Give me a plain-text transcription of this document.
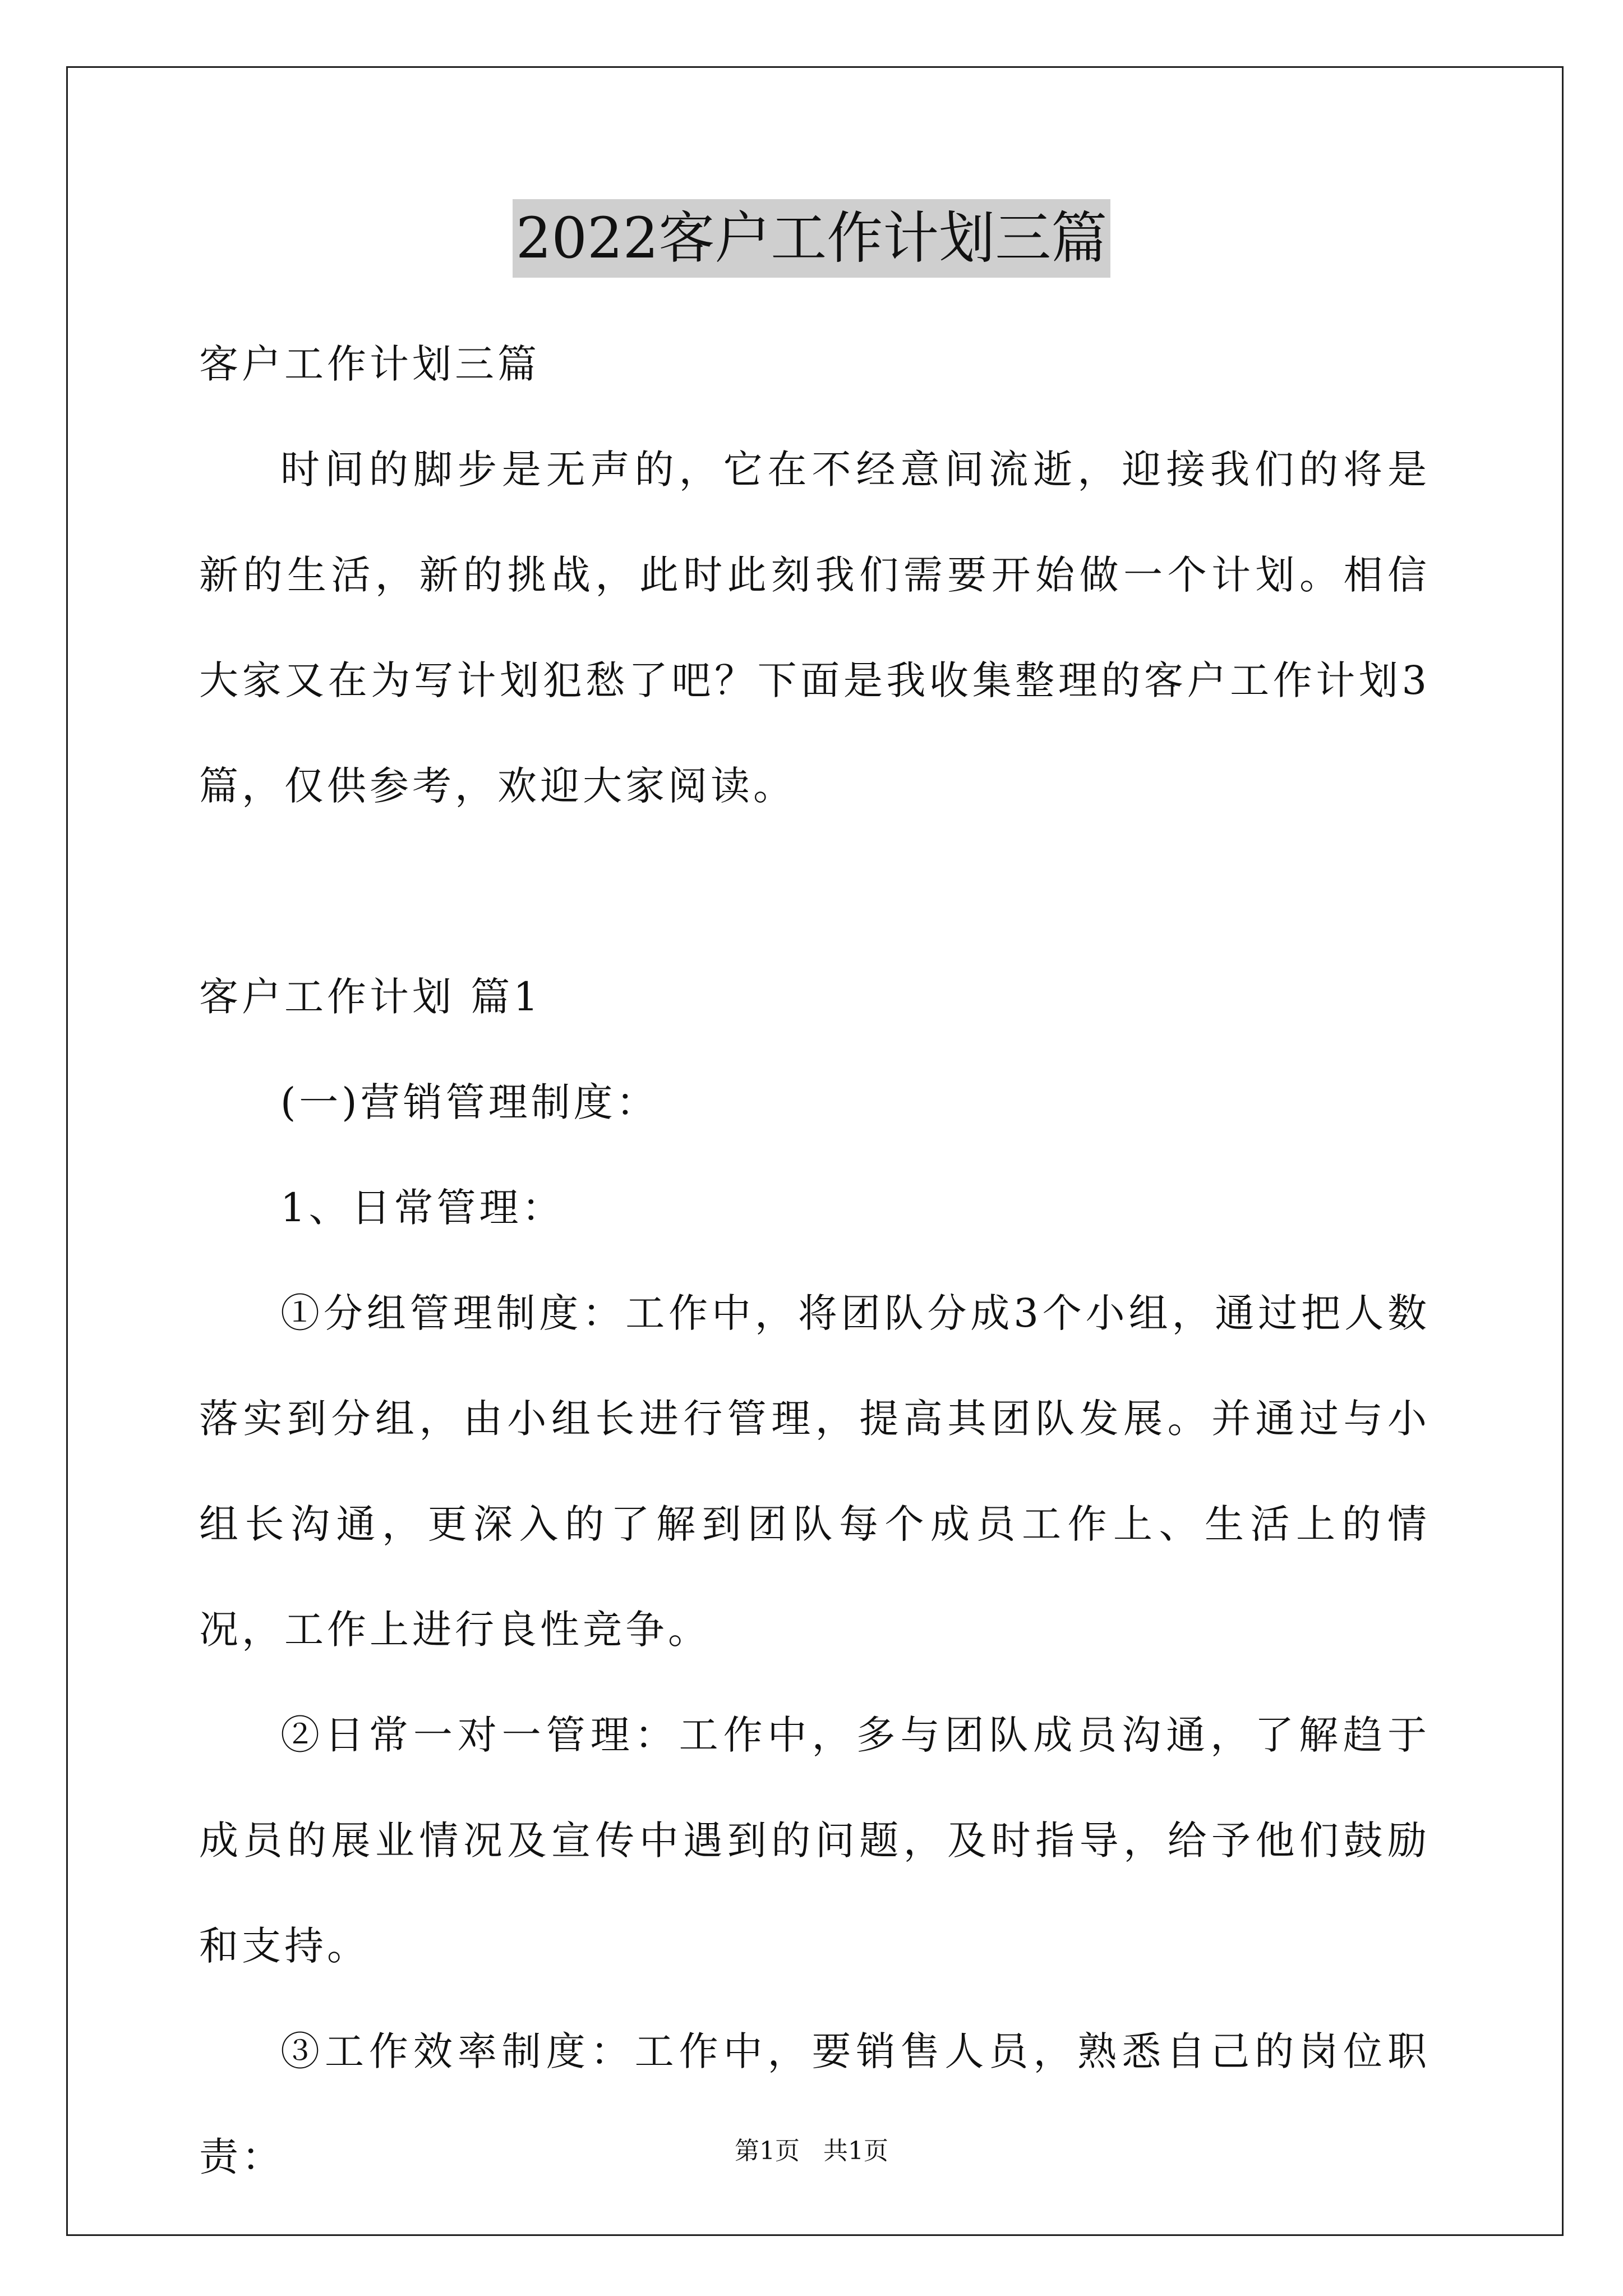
2022客户工作计划三篇

客户工作计划三篇

时间的脚步是无声的，它在不经意间流逝，迎接我们的将是新的生活，新的挑战，此时此刻我们需要开始做一个计划。相信大家又在为写计划犯愁了吧？下面是我收集整理的客户工作计划3篇，仅供参考，欢迎大家阅读。

客户工作计划 篇1

(一)营销管理制度：

1、日常管理：

①分组管理制度：工作中，将团队分成3个小组，通过把人数落实到分组，由小组长进行管理，提高其团队发展。并通过与小组长沟通，更深入的了解到团队每个成员工作上、生活上的情况，工作上进行良性竞争。

②日常一对一管理：工作中，多与团队成员沟通，了解趋于成员的展业情况及宣传中遇到的问题，及时指导，给予他们鼓励和支持。

③工作效率制度：工作中，要销售人员，熟悉自己的岗位职责：	第1页   共1页
